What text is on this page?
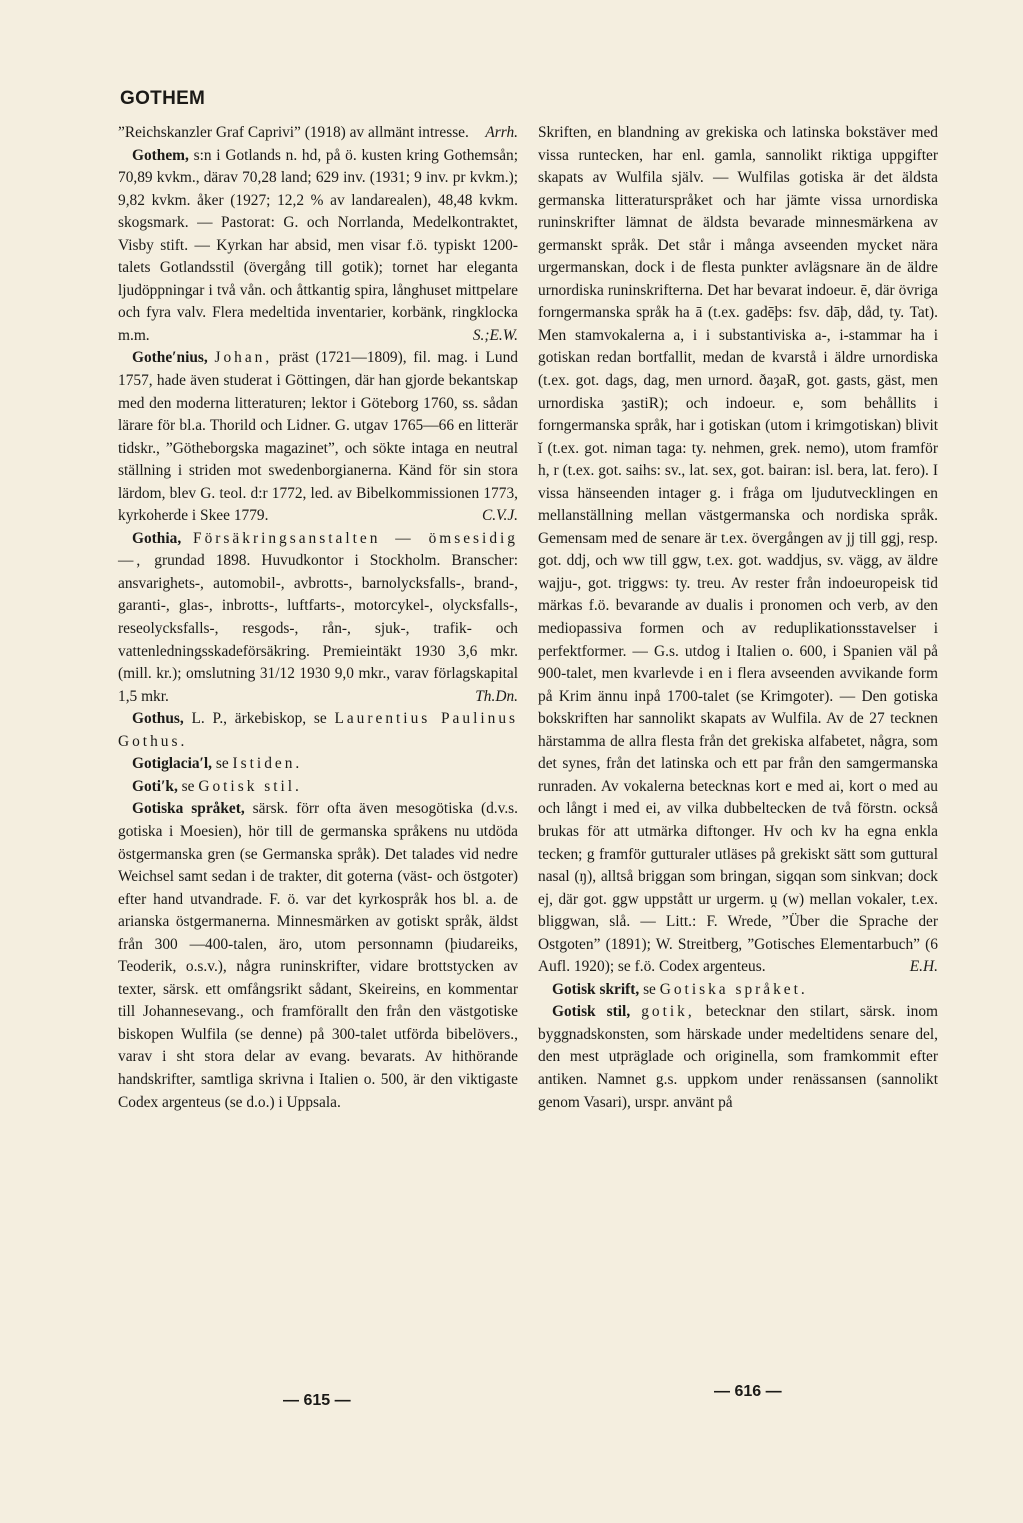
GOTHEM

”Reichskanzler Graf Caprivi” (1918) av allmänt intresse. Arrh.

Gothem, s:n i Gotlands n. hd, på ö. kusten kring Gothemsån; 70,89 kvkm., därav 70,28 land; 629 inv. (1931; 9 inv. pr kvkm.); 9,82 kvkm. åker (1927; 12,2 % av landarealen), 48,48 kvkm. skogsmark. — Pastorat: G. och Norrlanda, Medelkontraktet, Visby stift. — Kyrkan har absid, men visar f.ö. typiskt 1200-talets Gotlandsstil (övergång till gotik); tornet har eleganta ljudöppningar i två vån. och åttkantig spira, långhuset mittpelare och fyra valv. Flera medeltida inventarier, korbänk, ringklocka m.m.	S.;E.W.

Gothe′nius, Johan, präst (1721—1809), fil. mag. i Lund 1757, hade även studerat i Göttingen, där han gjorde bekantskap med den moderna litteraturen; lektor i Göteborg 1760, ss. sådan lärare för bl.a. Thorild och Lidner. G. utgav 1765—66 en litterär tidskr., ”Götheborgska magazinet”, och sökte intaga en neutral ställning i striden mot swedenborgianerna. Känd för sin stora lärdom, blev G. teol. d:r 1772, led. av Bibelkommissionen 1773, kyrkoherde i Skee 1779.	C.V.J.

Gothia, Försäkringsanstalten — ömsesidig —, grundad 1898. Huvudkontor i Stockholm. Branscher: ansvarighets-, automobil-, avbrotts-, barnolycksfalls-, brand-, garanti-, glas-, inbrotts-, luftfarts-, motorcykel-, olycksfalls-, reseolycksfalls-, resgods-, rån-, sjuk-, trafik- och vattenledningsskadeförsäkring. Premieintäkt 1930 3,6 mkr. (mill. kr.); omslutning 31/12 1930 9,0 mkr., varav förlagskapital 1,5 mkr.	Th.Dn.

Gothus, L. P., ärkebiskop, se Laurentius Paulinus Gothus.

Gotiglacia′l, se Istiden.

Goti′k, se Gotisk stil.

Gotiska språket, särsk. förr ofta även mesogötiska (d.v.s. gotiska i Moesien), hör till de germanska språkens nu utdöda östgermanska gren (se Germanska språk). Det talades vid nedre Weichsel samt sedan i de trakter, dit goterna (väst- och östgoter) efter hand utvandrade. F. ö. var det kyrkospråk hos bl. a. de arianska östgermanerna. Minnesmärken av gotiskt språk, äldst från 300 —400-talen, äro, utom personnamn (þiudareiks, Teoderik, o.s.v.), några runinskrifter, vidare brottstycken av texter, särsk. ett omfångsrikt sådant, Skeireins, en kommentar till Johannesevang., och framförallt den från den västgotiske biskopen Wulfila (se denne) på 300-talet utförda bibelövers., varav i sht stora delar av evang. bevarats. Av hithörande handskrifter, samtliga skrivna i Italien o. 500, är den viktigaste Codex argenteus (se d.o.) i Uppsala.

Skriften, en blandning av grekiska och latinska bokstäver med vissa runtecken, har enl. gamla, sannolikt riktiga uppgifter skapats av Wulfila själv. — Wulfilas gotiska är det äldsta germanska litteraturspråket och har jämte vissa urnordiska runinskrifter lämnat de äldsta bevarade minnesmärkena av germanskt språk. Det står i många avseenden mycket nära urgermanskan, dock i de flesta punkter avlägsnare än de äldre urnordiska runinskrifterna. Det har bevarat indoeur. ē, där övriga forngermanska språk ha ā (t.ex. gadēþs: fsv. dāþ, dåd, ty. Tat). Men stamvokalerna a, i i substantiviska a-, i-stammar ha i gotiskan redan bortfallit, medan de kvarstå i äldre urnordiska (t.ex. got. dags, dag, men urnord. ðaȝaR, got. gasts, gäst, men urnordiska ȝastiR); och indoeur. e, som behållits i forngermanska språk, har i gotiskan (utom i krimgotiskan) blivit ǐ (t.ex. got. niman taga: ty. nehmen, grek. nemo), utom framför h, r (t.ex. got. saihs: sv., lat. sex, got. bairan: isl. bera, lat. fero). I vissa hänseenden intager g. i fråga om ljudutvecklingen en mellanställning mellan västgermanska och nordiska språk. Gemensam med de senare är t.ex. övergången av jj till ggj, resp. got. ddj, och ww till ggw, t.ex. got. waddjus, sv. vägg, av äldre wajju-, got. triggws: ty. treu. Av rester från indoeuropeisk tid märkas f.ö. bevarande av dualis i pronomen och verb, av den mediopassiva formen och av reduplikationsstavelser i perfektformer. — G.s. utdog i Italien o. 600, i Spanien väl på 900-talet, men kvarlevde i en i flera avseenden avvikande form på Krim ännu inpå 1700-talet (se Krimgoter). — Den gotiska bokskriften har sannolikt skapats av Wulfila. Av de 27 tecknen härstamma de allra flesta från det grekiska alfabetet, några, som det synes, från det latinska och ett par från den samgermanska runraden. Av vokalerna betecknas kort e med ai, kort o med au och långt i med ei, av vilka dubbeltecken de två förstn. också brukas för att utmärka diftonger. Hv och kv ha egna enkla tecken; g framför gutturaler utläses på grekiskt sätt som guttural nasal (ŋ), alltså briggan som bringan, sigqan som sinkvan; dock ej, där got. ggw uppstått ur urgerm. ṷ (w) mellan vokaler, t.ex. bliggwan, slå. — Litt.: F. Wrede, ”Über die Sprache der Ostgoten” (1891); W. Streitberg, ”Gotisches Elementarbuch” (6 Aufl. 1920); se f.ö. Codex argenteus.	E.H.

Gotisk skrift, se Gotiska språket.

Gotisk stil, gotik, betecknar den stilart, särsk. inom byggnadskonsten, som härskade under medeltidens senare del, den mest utpräglade och originella, som framkommit efter antiken. Namnet g.s. uppkom under renässansen (sannolikt genom Vasari), urspr. använt på

— 615 —
— 616 —
